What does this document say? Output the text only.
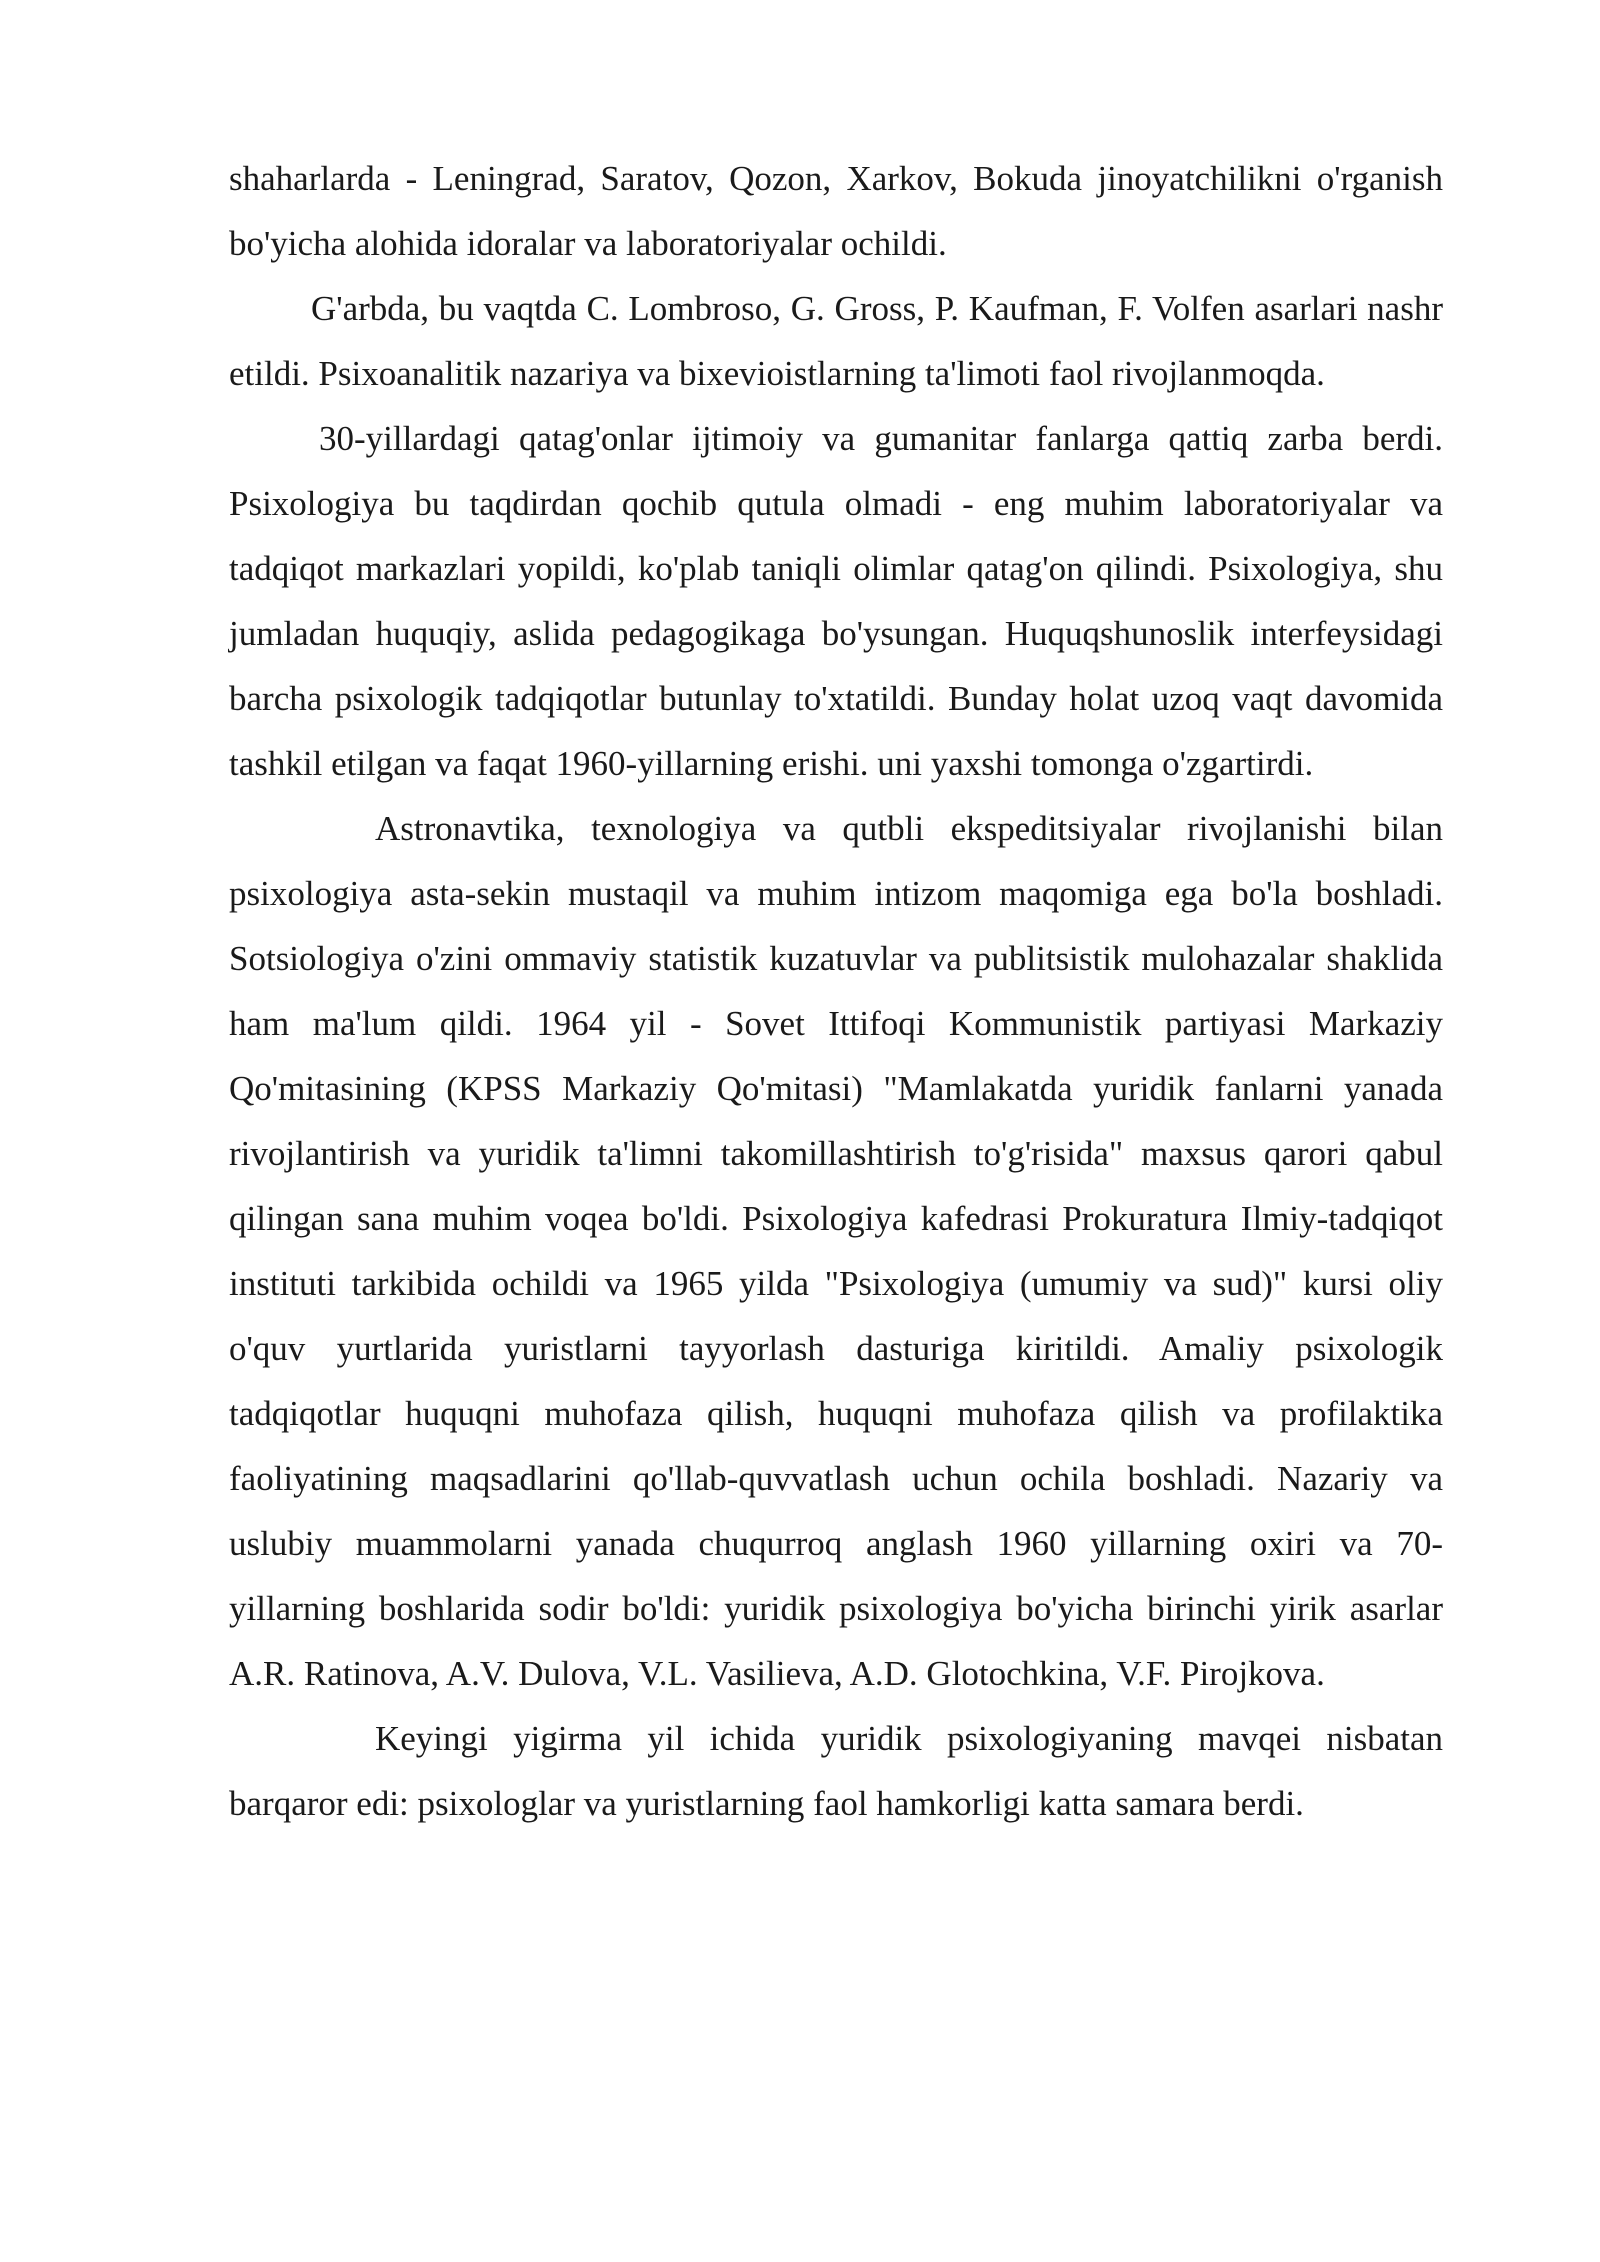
shaharlarda - Leningrad, Saratov, Qozon, Xarkov, Bokuda jinoyatchilikni o'rganish bo'yicha alohida idoralar va laboratoriyalar ochildi.

G'arbda, bu vaqtda C. Lombroso, G. Gross, P. Kaufman, F. Volfen asarlari nashr etildi. Psixoanalitik nazariya va bixevioistlarning ta'limoti faol rivojlanmoqda.

30-yillardagi qatag'onlar ijtimoiy va gumanitar fanlarga qattiq zarba berdi. Psixologiya bu taqdirdan qochib qutula olmadi - eng muhim laboratoriyalar va tadqiqot markazlari yopildi, ko'plab taniqli olimlar qatag'on qilindi. Psixologiya, shu jumladan huquqiy, aslida pedagogikaga bo'ysungan. Huquqshunoslik interfeysidagi barcha psixologik tadqiqotlar butunlay to'xtatildi. Bunday holat uzoq vaqt davomida tashkil etilgan va faqat 1960-yillarning erishi. uni yaxshi tomonga o'zgartirdi.

Astronavtika, texnologiya va qutbli ekspeditsiyalar rivojlanishi bilan psixologiya asta-sekin mustaqil va muhim intizom maqomiga ega bo'la boshladi. Sotsiologiya o'zini ommaviy statistik kuzatuvlar va publitsistik mulohazalar shaklida ham ma'lum qildi. 1964 yil - Sovet Ittifoqi Kommunistik partiyasi Markaziy Qo'mitasining (KPSS Markaziy Qo'mitasi) "Mamlakatda yuridik fanlarni yanada rivojlantirish va yuridik ta'limni takomillashtirish to'g'risida" maxsus qarori qabul qilingan sana muhim voqea bo'ldi. Psixologiya kafedrasi Prokuratura Ilmiy-tadqiqot instituti tarkibida ochildi va 1965 yilda "Psixologiya (umumiy va sud)" kursi oliy o'quv yurtlarida yuristlarni tayyorlash dasturiga kiritildi. Amaliy psixologik tadqiqotlar huquqni muhofaza qilish, huquqni muhofaza qilish va profilaktika faoliyatining maqsadlarini qo'llab-quvvatlash uchun ochila boshladi. Nazariy va uslubiy muammolarni yanada chuqurroq anglash 1960 yillarning oxiri va 70-yillarning boshlarida sodir bo'ldi: yuridik psixologiya bo'yicha birinchi yirik asarlar A.R. Ratinova, A.V. Dulova, V.L. Vasilieva, A.D. Glotochkina, V.F. Pirojkova.

Keyingi yigirma yil ichida yuridik psixologiyaning mavqei nisbatan barqaror edi: psixologlar va yuristlarning faol hamkorligi katta samara berdi.
